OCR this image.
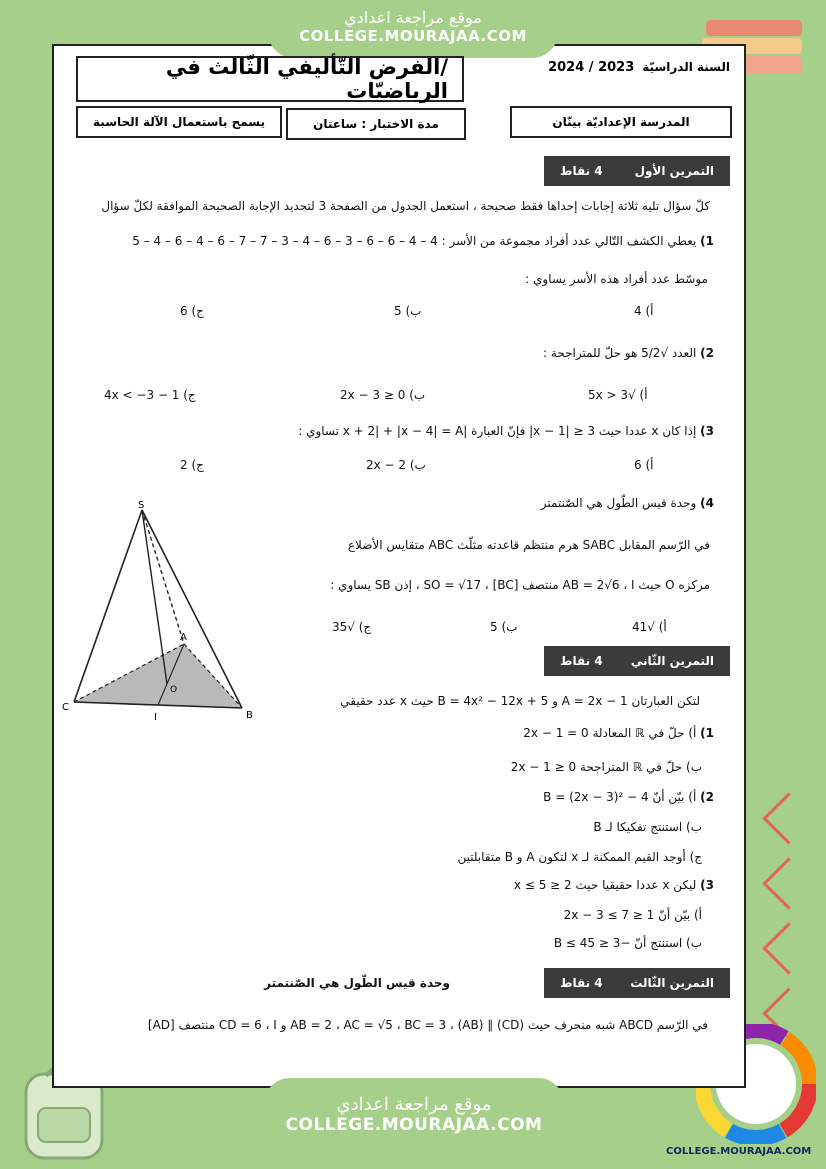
COLLEGE.MOURAJAA.COM
موقع مراجعة اعدادي
COLLEGE.MOURAJAA.COM
/الفرض التّأليفي الثّالث في الرياضيّات
السنة الدراسيّة
2024 / 2023
المدرسة الإعداديّة بينّان
مدة الاختبار : ساعتان
يسمح باستعمال الآلة الحاسبة
التمرين الأول
4 نقاط
كلّ سؤال تليه ثلاثة إجابات إحداها فقط صحيحة ، استعمل الجدول من الصفحة 3 لتحديد الإجابة الصحيحة الموافقة لكلّ سؤال
1) يعطي الكشف التّالي عدد أفراد مجموعة من الأسر : 4 – 4 – 6 – 6 – 3 – 6 – 4 – 3 – 7 – 7 – 6 – 4 – 6 – 4 – 5
موسّط عدد أفراد هذه الأسر يساوي :
أ) 4
ب) 5
ج) 6
2) العدد √5/2 هو حلّ للمتراجحة :
أ) √5x > 3
ب) 2x − 3 ≥ 0
ج) 1 − 4x < −3
3) إذا كان x عددا حيث 3 ≤ |1 − x| فإنّ العبارة |x + 2| + |x − 4| = A تساوي :
أ) 6
ب) 2x − 2
ج) 2
4) وحدة قيس الطّول هي الصّنتمتر
في الرّسم المقابل SABC هرم منتظم قاعدته مثلّث ABC متقايس الأضلاع
مركزه O حيث AB = 2√6 ، I منتصف [BC] ، SO = √17 ، إذن SB يساوي :
أ) √41
ب) 5
ج) √35
S
A
O
C
I	B
التمرين الثّاني
4 نقاط
لتكن العبارتان A = 2x − 1 و B = 4x² − 12x + 5 حيث x عدد حقيقي
1) أ) حلّ في ℝ المعادلة 2x − 1 = 0
ب) حلّ في ℝ المتراجحة 2x − 1 ≥ 0
2) أ) بيّن أنّ B = (2x − 3)² − 4
ب) استنتج تفكيكا لـ B
ج) أوجد القيم الممكنة لـ x لتكون A و B متقابلتين
3) ليكن x عددا حقيقيا حيث 2 ≤ x ≤ 5
أ) بيّن أنّ 1 ≤ 2x − 3 ≤ 7
ب) استنتج أنّ −3 ≤ B ≤ 45
التمرين الثّالث
4 نقاط
وحدة قيس الطّول هي الصّنتمتر
في الرّسم ABCD شبه منحرف حيث (CD) ∥ (AB) ، AB = 2 ، AC = √5 ، BC = 3 و CD = 6 ، I منتصف [AD]
موقع مراجعة اعدادي
COLLEGE.MOURAJAA.COM
